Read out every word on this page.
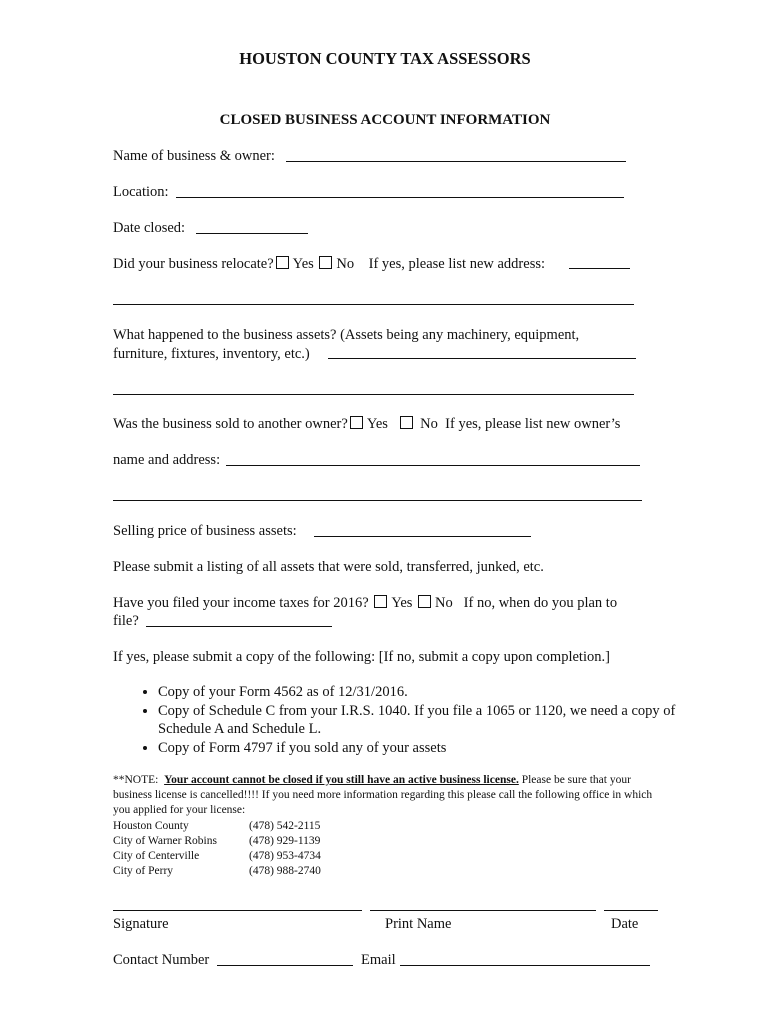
HOUSTON COUNTY TAX ASSESSORS
CLOSED BUSINESS ACCOUNT INFORMATION
Name of business & owner:
Location:
Date closed:
Did your business relocate? Yes No If yes, please list new address:
What happened to the business assets? (Assets being any machinery, equipment,
furniture, fixtures, inventory, etc.)
Was the business sold to another owner? Yes No If yes, please list new owner’s
name and address:
Selling price of business assets:
Please submit a listing of all assets that were sold, transferred, junked, etc.
Have you filed your income taxes for 2016? Yes No If no, when do you plan to
file?
If yes, please submit a copy of the following: [If no, submit a copy upon completion.]
• Copy of your Form 4562 as of 12/31/2016.
• Copy of Schedule C from your I.R.S. 1040. If you file a 1065 or 1120, we need a copy of Schedule A and Schedule L.
• Copy of Form 4797 if you sold any of your assets
**NOTE: Your account cannot be closed if you still have an active business license. Please be sure that your business license is cancelled!!!! If you need more information regarding this please call the following office in which you applied for your license:
Houston County	(478) 542-2115
City of Warner Robins	(478) 929-1139
City of Centerville	(478) 953-4734
City of Perry	(478) 988-2740
Signature	Print Name	Date
Contact Number	Email
